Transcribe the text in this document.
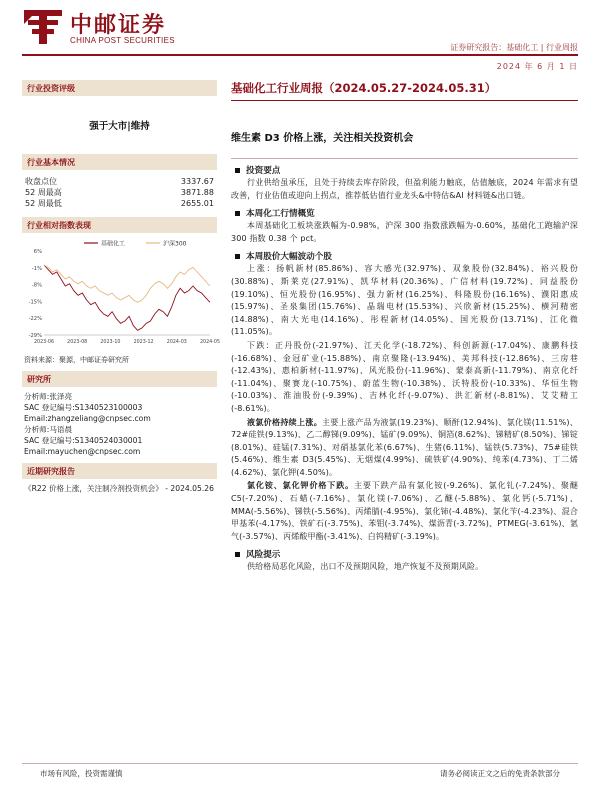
中邮证券
CHINA POST SECURITIES
证券研究报告：基础化工 | 行业周报
2024 年 6 月 1 日
行业投资评级
强于大市|维持
行业基本情况
收盘点位	3337.67
52 周最高	3871.88
52 周最低	2655.01
行业相对指数表现
基础化工	沪深300
6%
-1%
-8%
-15%
-22%
-29%
2023-06	2023-08	2023-10	2023-12	2024-03	2024-05
资料来源：聚源，中邮证券研究所
研究所
分析师:张泽亮
SAC 登记编号:S1340523100003
Email:zhangzeliang@cnpsec.com
分析师:马语晨
SAC 登记编号:S1340524030001
Email:mayuchen@cnpsec.com
近期研究报告
《R22 价格上涨，关注制冷剂投资机会》 - 2024.05.26
基础化工行业周报（2024.05.27-2024.05.31）
维生素 D3 价格上涨，关注相关投资机会
投资要点
行业供给虽承压，且处于持续去库存阶段，但盈利能力触底，估值触底，2024 年需求有望改善，行业估值或迎向上拐点，推荐低估值行业龙头&中特估&AI 材料链&出口链。
本周化工行情概览
本周基础化工板块涨跌幅为-0.98%，沪深 300 指数涨跌幅为-0.60%，基础化工跑输沪深 300 指数 0.38 个 pct。
本周股价大幅波动个股
上涨：扬帆新材(85.86%)、容大感光(32.97%)、双象股份(32.84%)、裕兴股份(30.88%)、斯莱克(27.91%)、凯华材料(20.36%)、广信材料(19.72%)、同益股份(19.10%)、恒光股份(16.95%)、强力新材(16.25%)、科隆股份(16.16%)、濮阳惠成(15.97%)、圣泉集团(15.76%)、晶瑞电材(15.53%)、兴欣新材(15.25%)、横河精密(14.88%)、南大光电(14.16%)、彤程新材(14.05%)、国光股份(13.71%)、江化微(11.05%)。
下跌：正丹股份(-21.97%)、江天化学(-18.72%)、科创新源(-17.04%)、康鹏科技(-16.68%)、金冠矿业(-15.88%)、南京聚隆(-13.94%)、美邦科技(-12.86%)、三房巷(-12.43%)、惠柏新材(-11.97%)、风光股份(-11.96%)、蒙泰高新(-11.79%)、南京化纤(-11.04%)、聚赛龙(-10.75%)、蔚蓝生物(-10.38%)、沃特股份(-10.33%)、华恒生物(-10.03%)、淮油股份(-9.39%)、吉林化纤(-9.07%)、洪汇新材(-8.81%)、艾艾精工(-8.61%)。
液氯价格持续上涨。主要上涨产品为液氯(19.23%)、顺酐(12.94%)、氯化镁(11.51%)、72#硅铁(9.13%)、乙二醇锑(9.09%)、锰矿(9.09%)、铜箔(8.62%)、锑精矿(8.50%)、锑锭(8.01%)、硅锰(7.31%)、对硝基氯化苯(6.67%)、生猪(6.11%)、锰铁(5.73%)、75#硅铁(5.46%)、维生素 D3(5.45%)、无烟煤(4.99%)、硫铁矿(4.90%)、纯苯(4.73%)、丁二烯(4.62%)、氯化钾(4.50%)。
氯化铵、氯化钾价格下跌。主要下跌产品有氯化铵(-9.26%)、氯化钆(-7.24%)、聚醚 C5(-7.20%)、石蜡(-7.16%)、氯化镁(-7.06%)、乙醚(-5.88%)、氯化钙(-5.71%)、MMA(-5.56%)、锑铁(-5.56%)、丙烯腈(-4.95%)、氯化铈(-4.48%)、氯化苄(-4.23%)、混合甲基苯(-4.17%)、铁矿石(-3.75%)、苯钼(-3.74%)、煤沥青(-3.72%)、PTMEG(-3.61%)、氩气(-3.57%)、丙烯酸甲酯(-3.41%)、白钨精矿(-3.19%)。
风险提示
供给格局恶化风险，出口不及预期风险，地产恢复不及预期风险。
市场有风险，投资需谨慎	请务必阅读正文之后的免责条款部分
